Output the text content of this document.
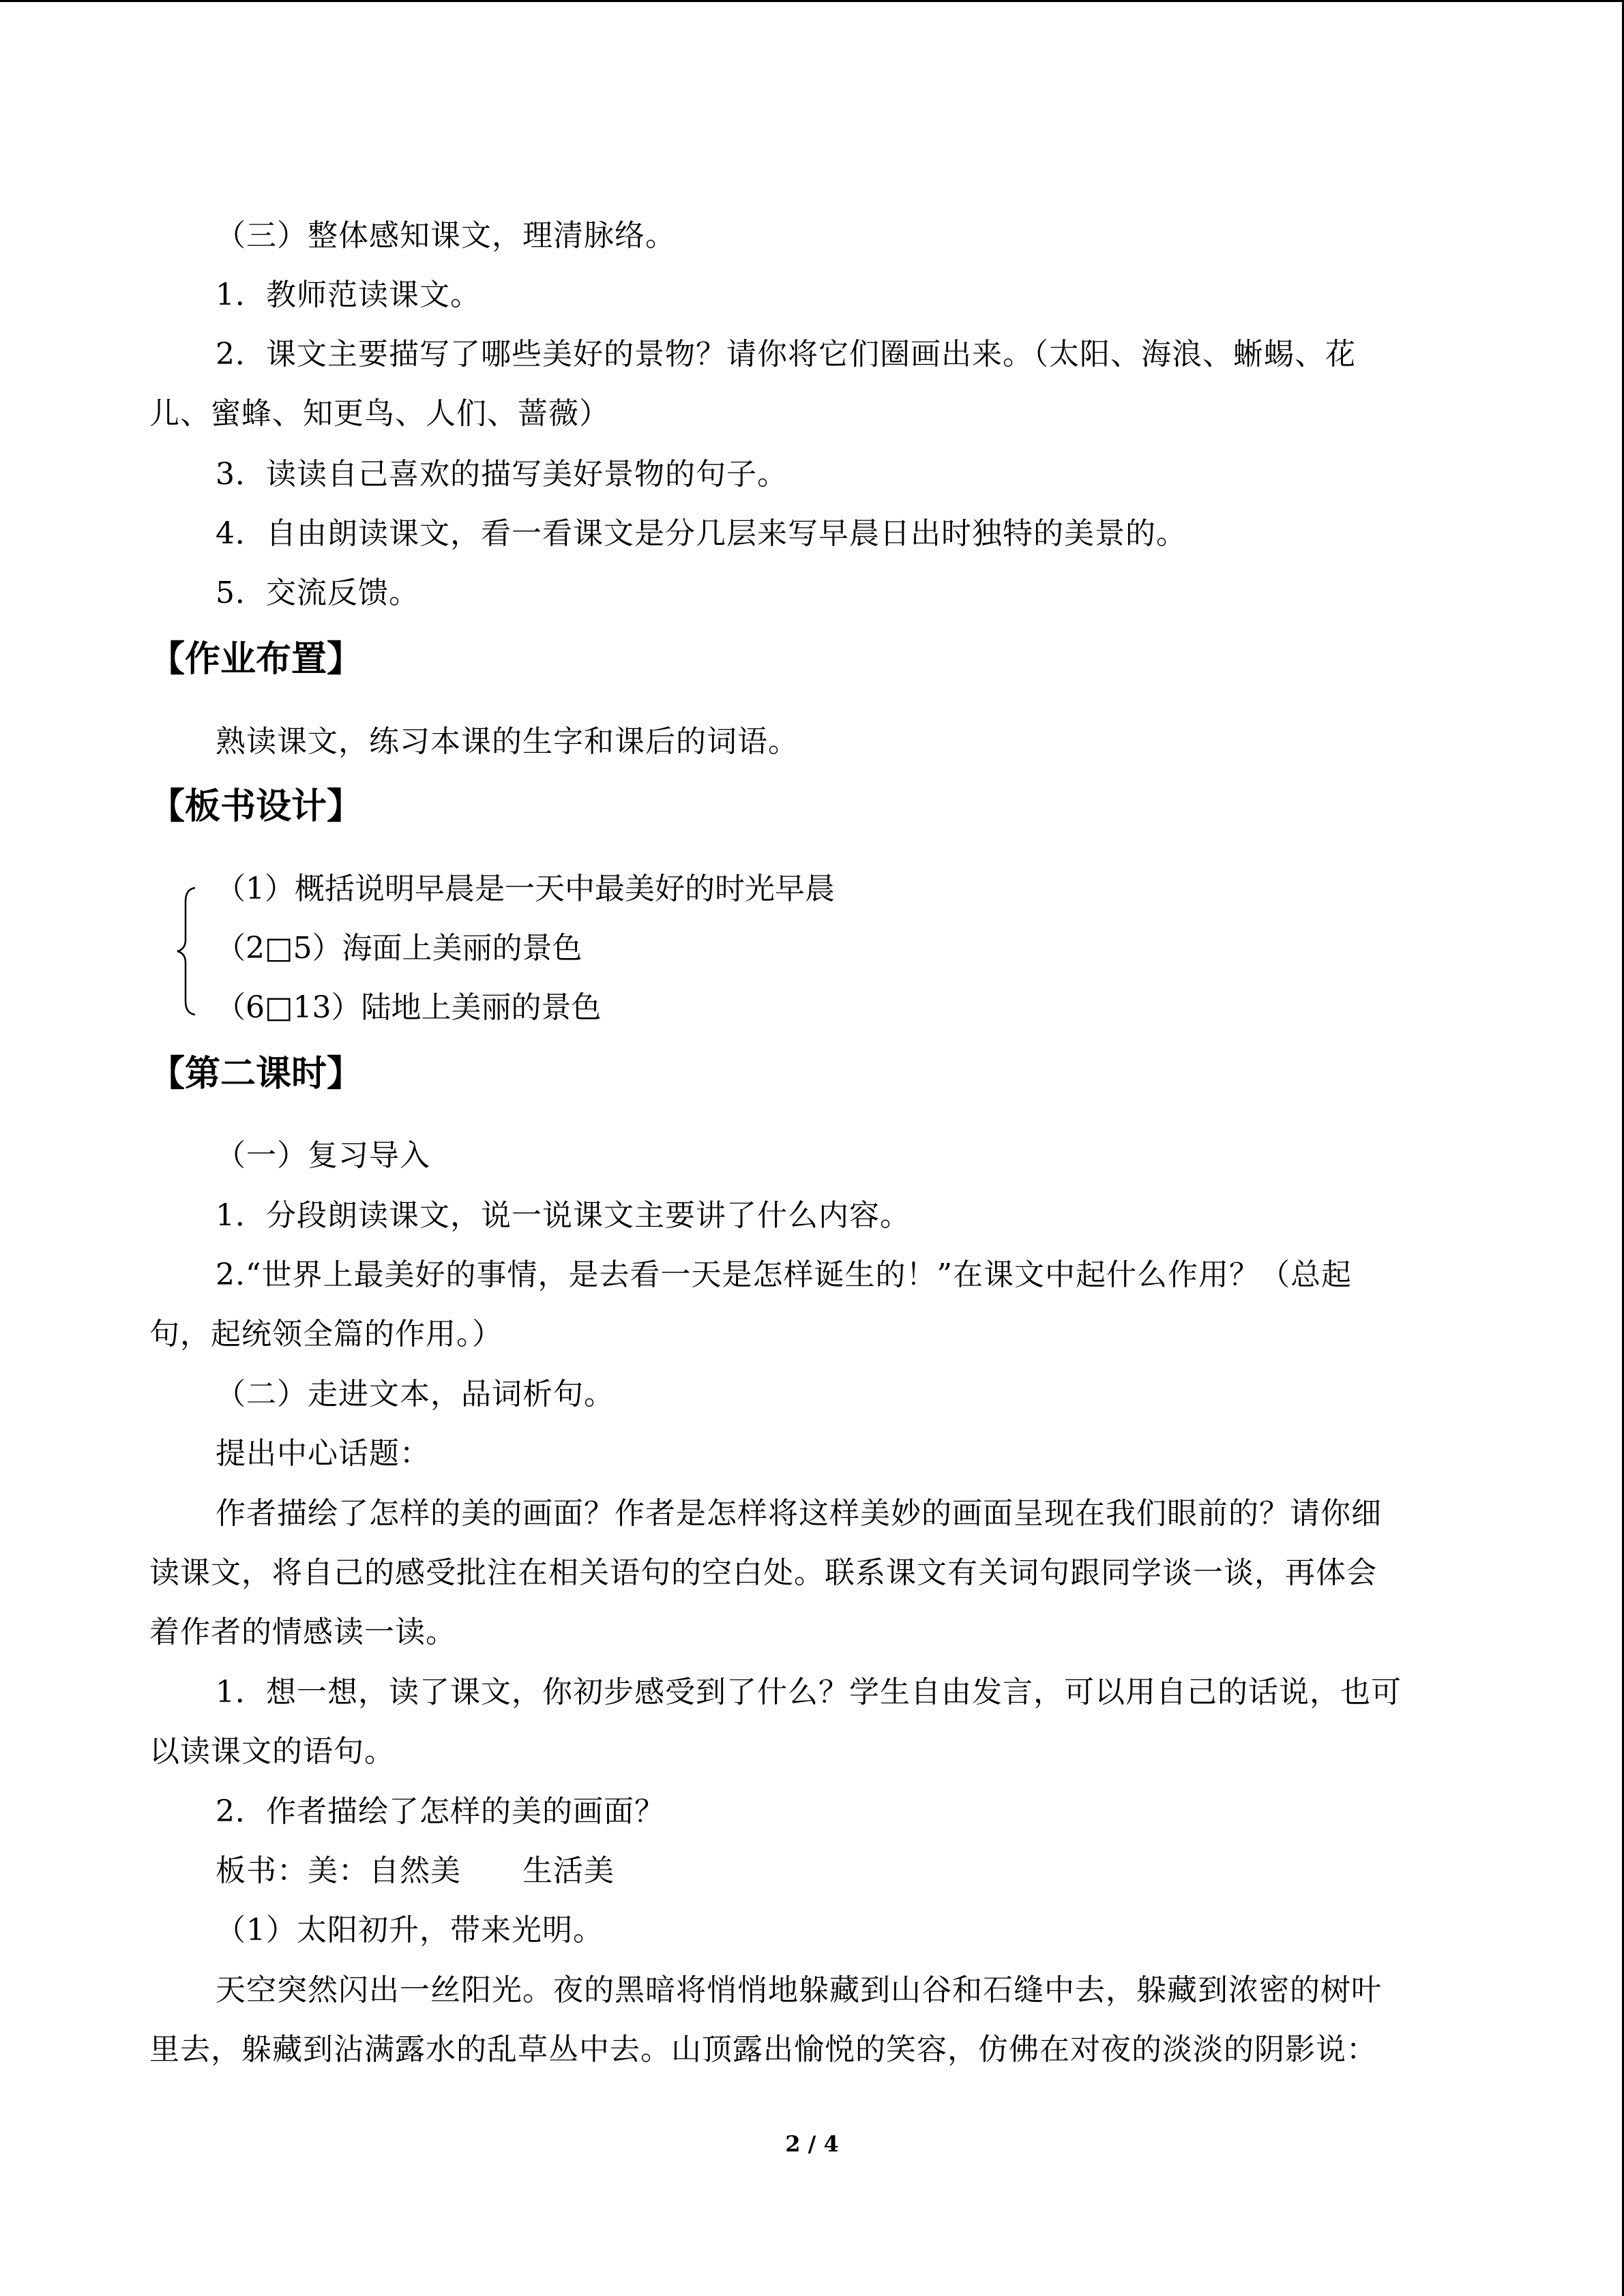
（三）整体感知课文，理清脉络。
1．教师范读课文。
2．课文主要描写了哪些美好的景物？请你将它们圈画出来。（太阳、海浪、蜥蜴、花
儿、蜜蜂、知更鸟、人们、蔷薇）
3．读读自己喜欢的描写美好景物的句子。
4．自由朗读课文，看一看课文是分几层来写早晨日出时独特的美景的。
5．交流反馈。
【作业布置】
熟读课文，练习本课的生字和课后的词语。
【板书设计】
（1）概括说明早晨是一天中最美好的时光早晨
（2□5）海面上美丽的景色
（6□13）陆地上美丽的景色
【第二课时】
（一）复习导入
1．分段朗读课文，说一说课文主要讲了什么内容。
2.“世界上最美好的事情，是去看一天是怎样诞生的！”在课文中起什么作用？（总起
句，起统领全篇的作用。）
（二）走进文本，品词析句。
提出中心话题：
作者描绘了怎样的美的画面？作者是怎样将这样美妙的画面呈现在我们眼前的？请你细
读课文，将自己的感受批注在相关语句的空白处。联系课文有关词句跟同学谈一谈，再体会
着作者的情感读一读。
1．想一想，读了课文，你初步感受到了什么？学生自由发言，可以用自己的话说，也可
以读课文的语句。
2．作者描绘了怎样的美的画面？
板书：美：自然美　　生活美
（1）太阳初升，带来光明。
天空突然闪出一丝阳光。夜的黑暗将悄悄地躲藏到山谷和石缝中去，躲藏到浓密的树叶
里去，躲藏到沾满露水的乱草丛中去。山顶露出愉悦的笑容，仿佛在对夜的淡淡的阴影说：
2 / 4
